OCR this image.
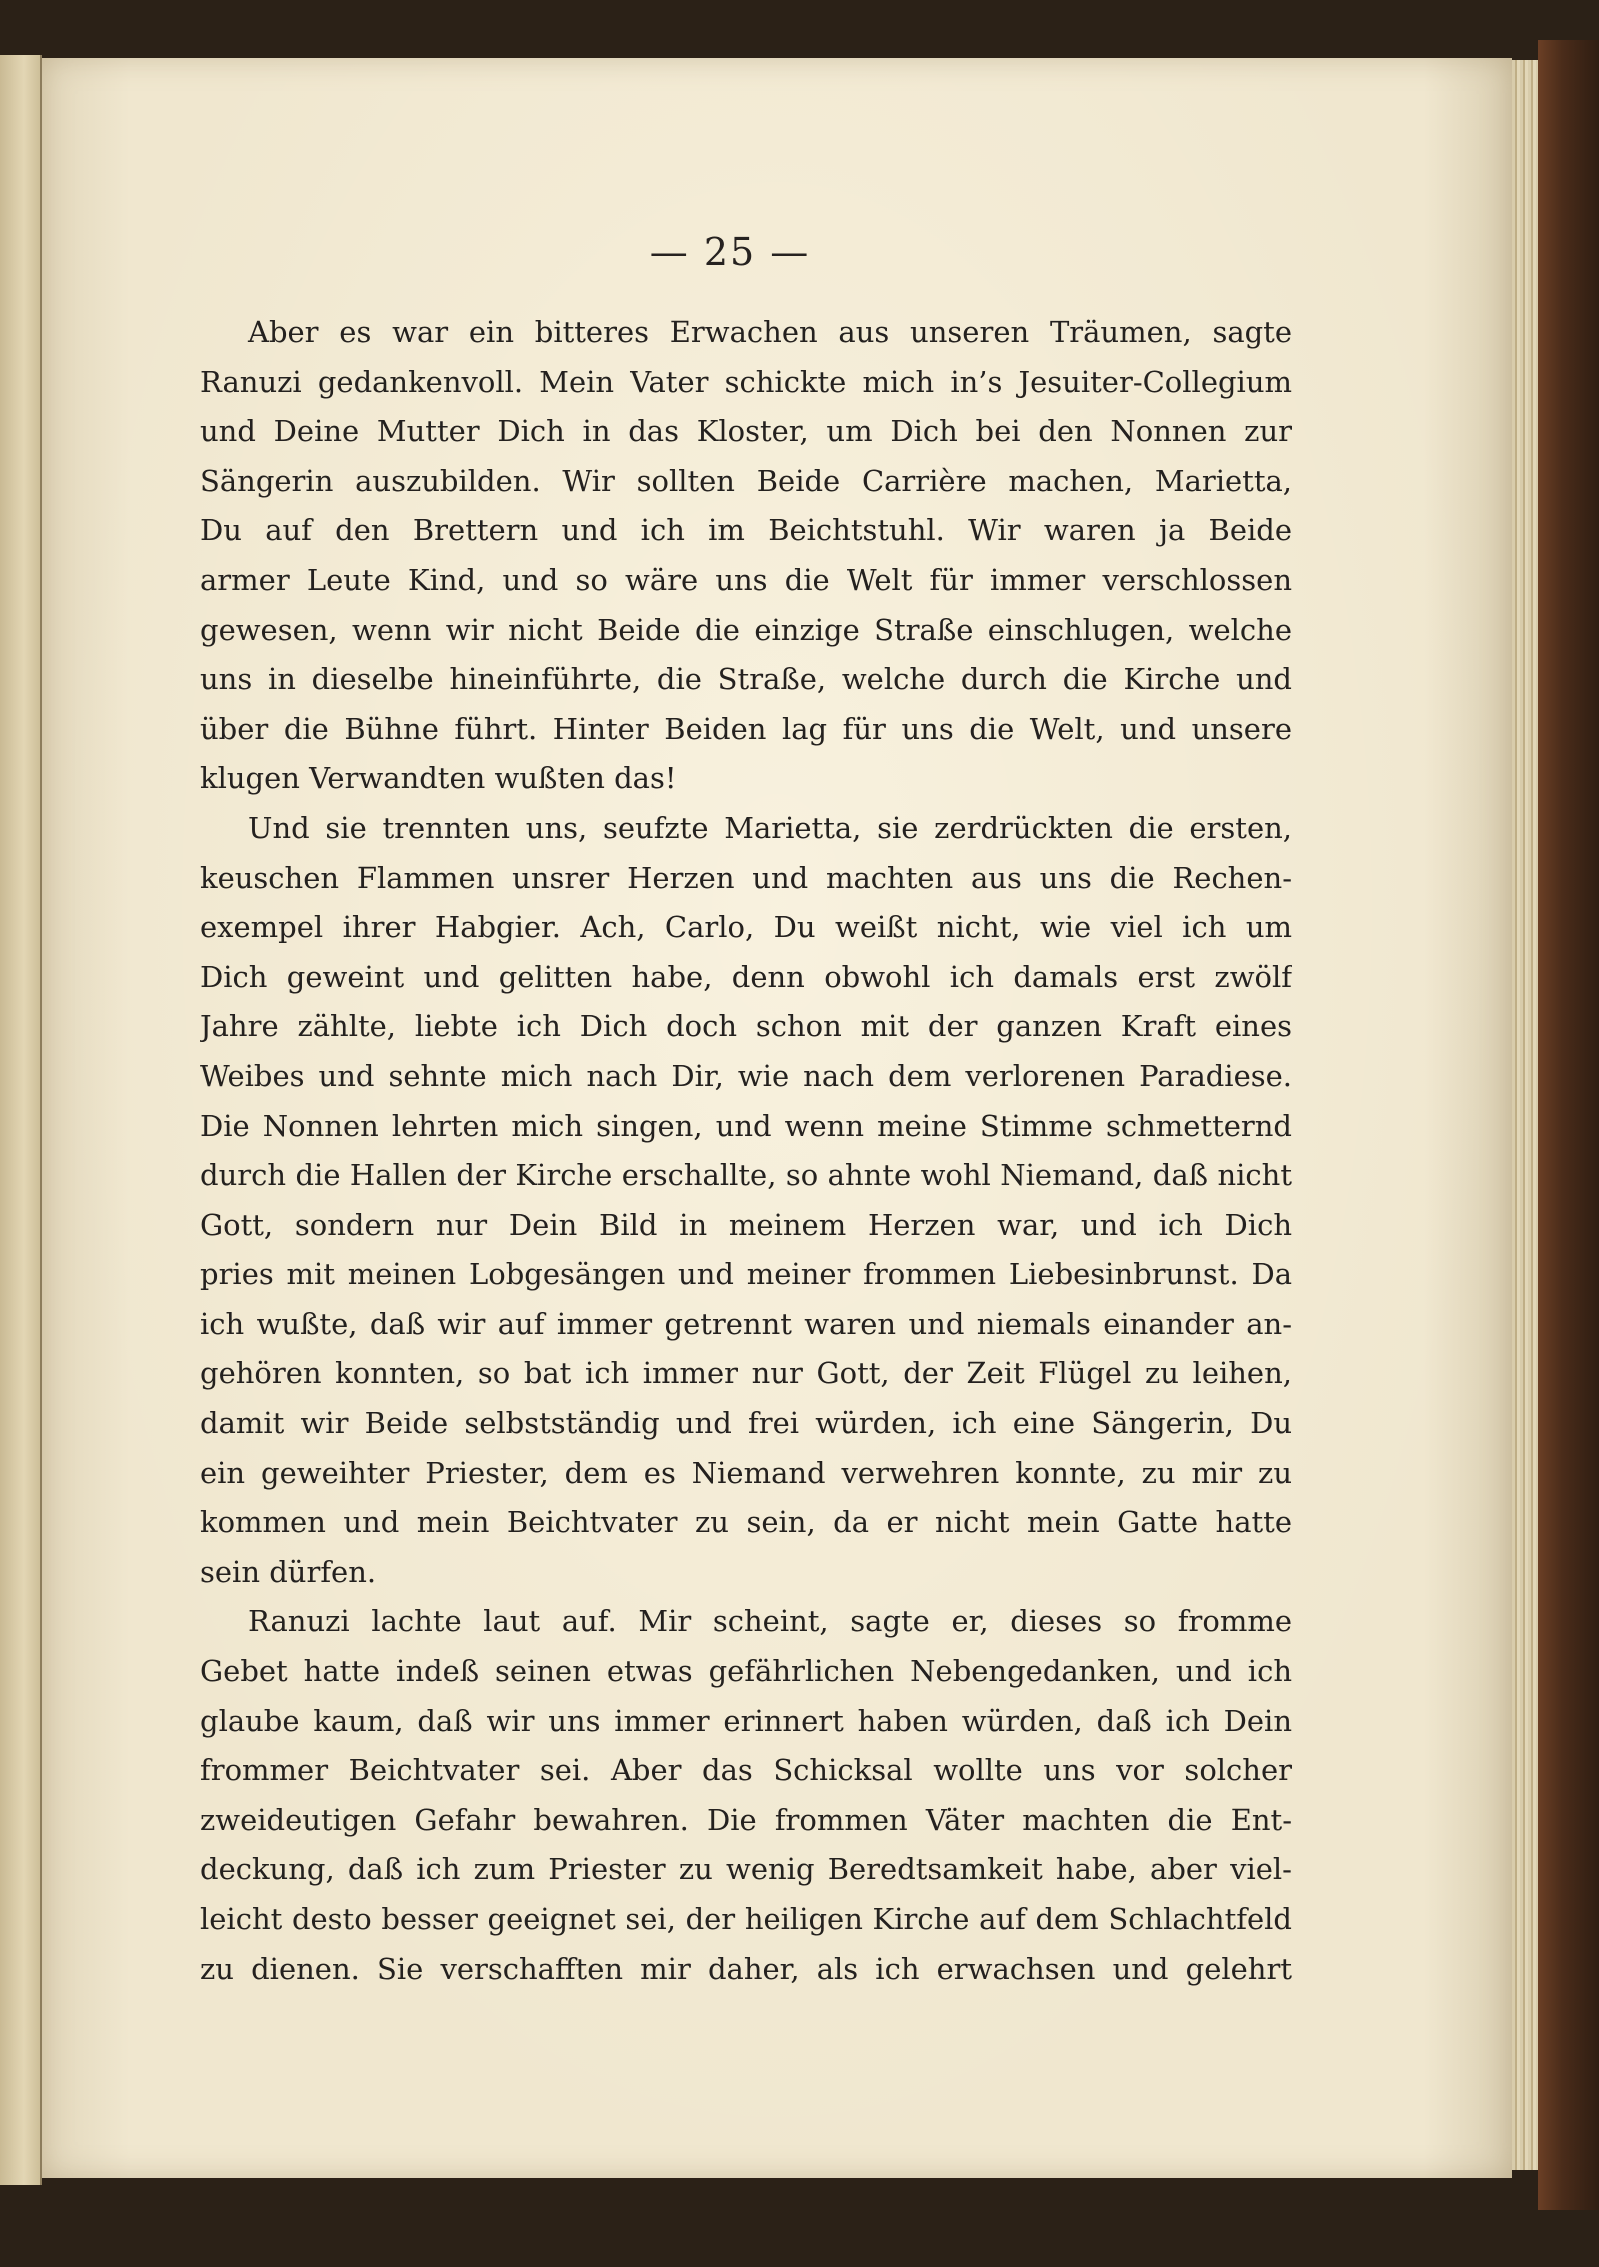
— 25 —
Aber es war ein bitteres Erwachen aus unseren Träumen, sagte
Ranuzi gedankenvoll. Mein Vater schickte mich in’s Jesuiter-Collegium
und Deine Mutter Dich in das Kloster, um Dich bei den Nonnen zur
Sängerin auszubilden. Wir sollten Beide Carrière machen, Marietta,
Du auf den Brettern und ich im Beichtstuhl. Wir waren ja Beide
armer Leute Kind, und so wäre uns die Welt für immer verschlossen
gewesen, wenn wir nicht Beide die einzige Straße einschlugen, welche
uns in dieselbe hineinführte, die Straße, welche durch die Kirche und
über die Bühne führt. Hinter Beiden lag für uns die Welt, und unsere
klugen Verwandten wußten das!
Und sie trennten uns, seufzte Marietta, sie zerdrückten die ersten,
keuschen Flammen unsrer Herzen und machten aus uns die Rechen-
exempel ihrer Habgier. Ach, Carlo, Du weißt nicht, wie viel ich um
Dich geweint und gelitten habe, denn obwohl ich damals erst zwölf
Jahre zählte, liebte ich Dich doch schon mit der ganzen Kraft eines
Weibes und sehnte mich nach Dir, wie nach dem verlorenen Paradiese.
Die Nonnen lehrten mich singen, und wenn meine Stimme schmetternd
durch die Hallen der Kirche erschallte, so ahnte wohl Niemand, daß nicht
Gott, sondern nur Dein Bild in meinem Herzen war, und ich Dich
pries mit meinen Lobgesängen und meiner frommen Liebesinbrunst. Da
ich wußte, daß wir auf immer getrennt waren und niemals einander an-
gehören konnten, so bat ich immer nur Gott, der Zeit Flügel zu leihen,
damit wir Beide selbstständig und frei würden, ich eine Sängerin, Du
ein geweihter Priester, dem es Niemand verwehren konnte, zu mir zu
kommen und mein Beichtvater zu sein, da er nicht mein Gatte hatte
sein dürfen.
Ranuzi lachte laut auf. Mir scheint, sagte er, dieses so fromme
Gebet hatte indeß seinen etwas gefährlichen Nebengedanken, und ich
glaube kaum, daß wir uns immer erinnert haben würden, daß ich Dein
frommer Beichtvater sei. Aber das Schicksal wollte uns vor solcher
zweideutigen Gefahr bewahren. Die frommen Väter machten die Ent-
deckung, daß ich zum Priester zu wenig Beredtsamkeit habe, aber viel-
leicht desto besser geeignet sei, der heiligen Kirche auf dem Schlachtfeld
zu dienen. Sie verschafften mir daher, als ich erwachsen und gelehrt
